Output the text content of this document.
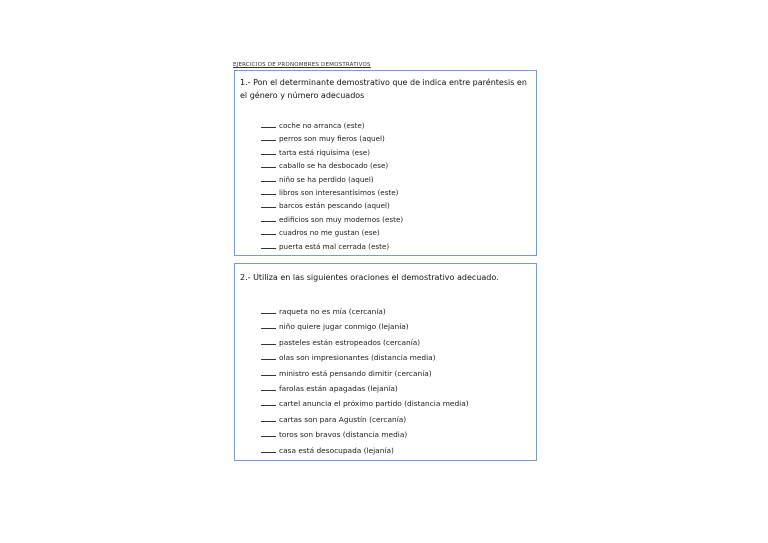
EJERCICIOS DE PRONOMBRES DEMOSTRATIVOS

1.- Pon el determinante demostrativo que de indica entre paréntesis en el género y número adecuados

coche no arranca (este)
perros son muy fieros (aquel)
tarta está riquísima (ese)
caballo se ha desbocado (ese)
niño se ha perdido (aquel)
libros son interesantísimos (este)
barcos están pescando (aquel)
edificios son muy modernos (este)
cuadros no me gustan (ese)
puerta está mal cerrada (este)

2.- Utiliza en las siguientes oraciones el demostrativo adecuado.

raqueta no es mía (cercanía)
niño quiere jugar conmigo (lejanía)
pasteles están estropeados (cercanía)
olas son impresionantes (distancia media)
ministro está pensando dimitir (cercanía)
farolas están apagadas (lejanía)
cartel anuncia el próximo partido (distancia media)
cartas son para Agustín (cercanía)
toros son bravos (distancia media)
casa está desocupada (lejanía)
